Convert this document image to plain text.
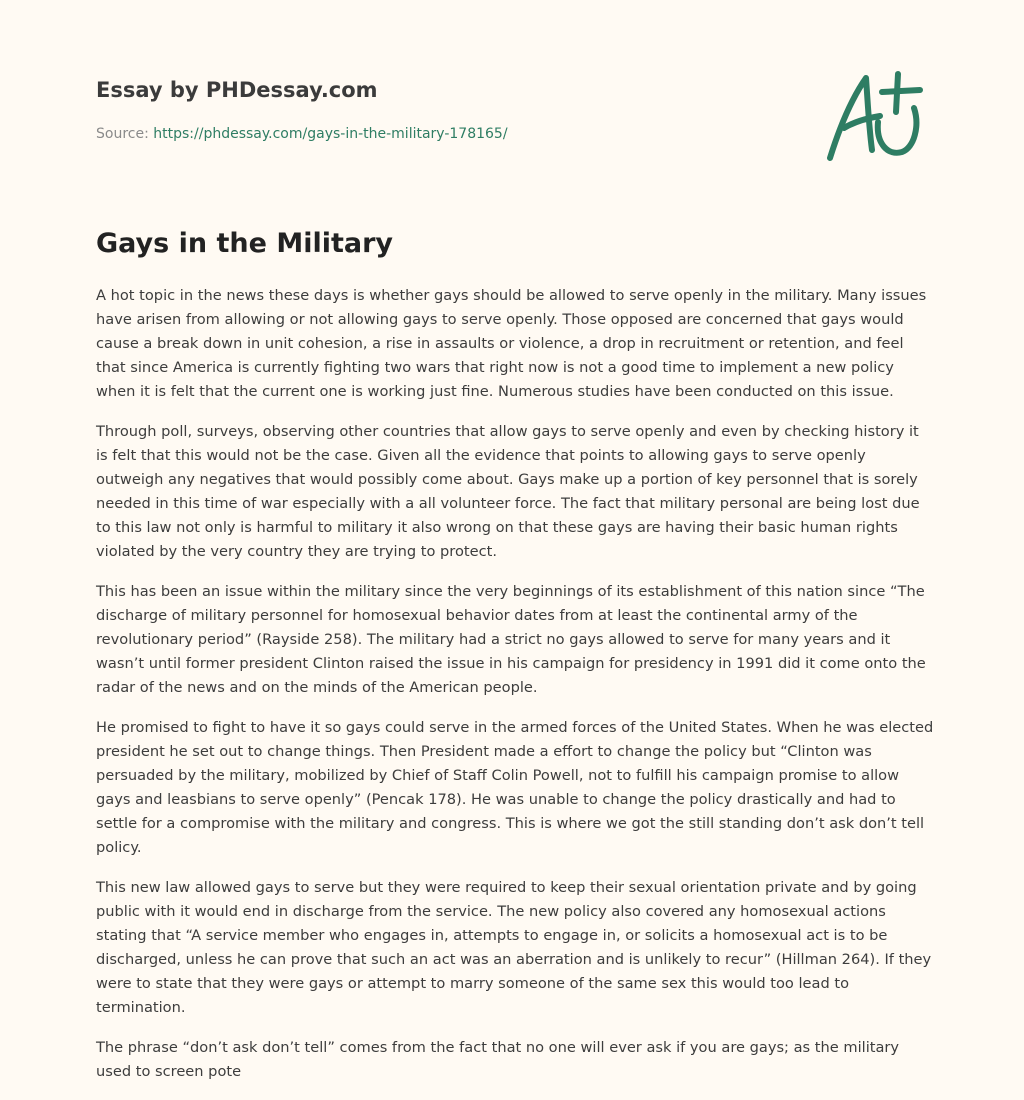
Essay by PHDessay.com
Source: https://phdessay.com/gays-in-the-military-178165/
Gays in the Military

A hot topic in the news these days is whether gays should be allowed to serve openly in the military. Many issues have arisen from allowing or not allowing gays to serve openly. Those opposed are concerned that gays would cause a break down in unit cohesion, a rise in assaults or violence, a drop in recruitment or retention, and feel that since America is currently fighting two wars that right now is not a good time to implement a new policy when it is felt that the current one is working just fine. Numerous studies have been conducted on this issue.

Through poll, surveys, observing other countries that allow gays to serve openly and even by checking history it is felt that this would not be the case. Given all the evidence that points to allowing gays to serve openly outweigh any negatives that would possibly come about. Gays make up a portion of key personnel that is sorely needed in this time of war especially with a all volunteer force. The fact that military personal are being lost due to this law not only is harmful to military it also wrong on that these gays are having their basic human rights violated by the very country they are trying to protect.

This has been an issue within the military since the very beginnings of its establishment of this nation since “The discharge of military personnel for homosexual behavior dates from at least the continental army of the revolutionary period” (Rayside 258). The military had a strict no gays allowed to serve for many years and it wasn’t until former president Clinton raised the issue in his campaign for presidency in 1991 did it come onto the radar of the news and on the minds of the American people.

He promised to fight to have it so gays could serve in the armed forces of the United States. When he was elected president he set out to change things. Then President made a effort to change the policy but “Clinton was persuaded by the military, mobilized by Chief of Staff Colin Powell, not to fulfill his campaign promise to allow gays and leasbians to serve openly” (Pencak 178). He was unable to change the policy drastically and had to settle for a compromise with the military and congress. This is where we got the still standing don’t ask don’t tell policy.

This new law allowed gays to serve but they were required to keep their sexual orientation private and by going public with it would end in discharge from the service. The new policy also covered any homosexual actions stating that “A service member who engages in, attempts to engage in, or solicits a homosexual act is to be discharged, unless he can prove that such an act was an aberration and is unlikely to recur” (Hillman 264). If they were to state that they were gays or attempt to marry someone of the same sex this would too lead to termination.

The phrase “don’t ask don’t tell” comes from the fact that no one will ever ask if you are gays; as the military used to screen pote
